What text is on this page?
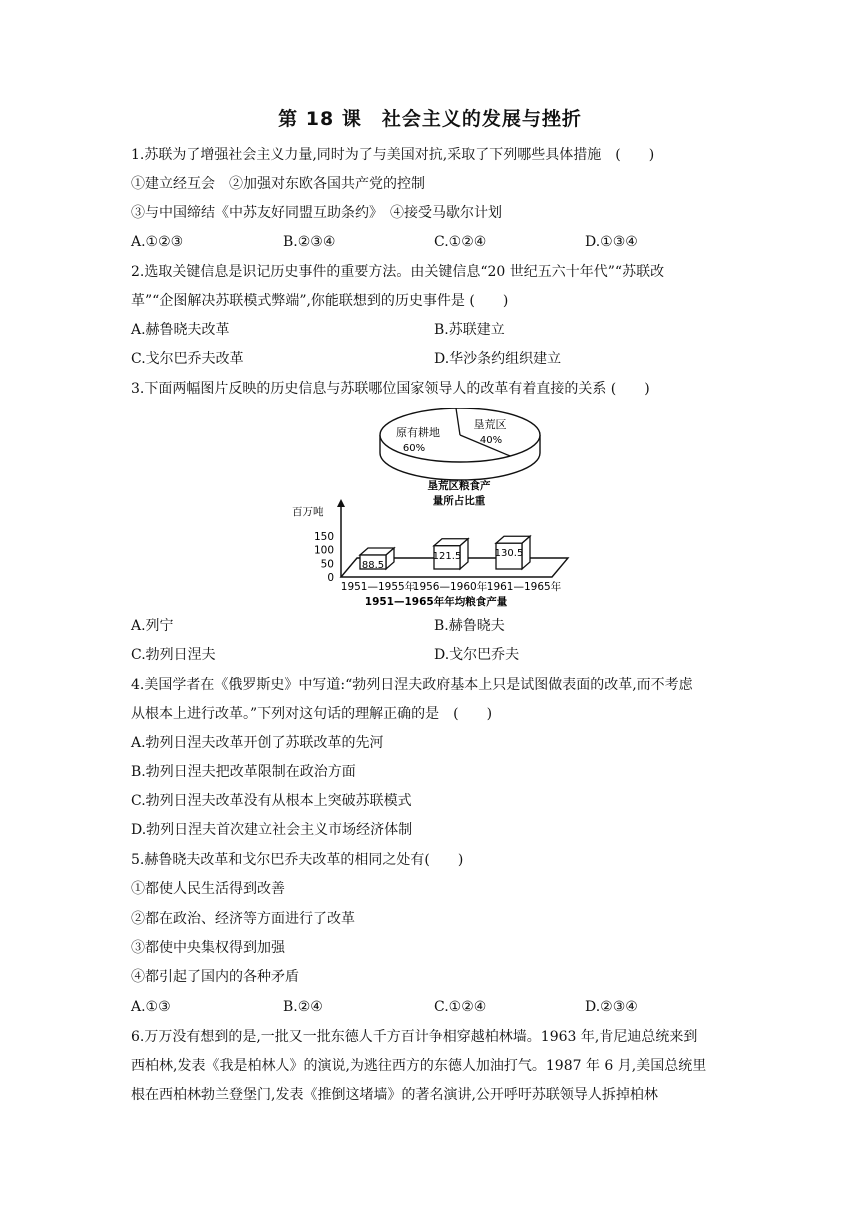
第 18 课　社会主义的发展与挫折
1.苏联为了增强社会主义力量,同时为了与美国对抗,采取了下列哪些具体措施　(　　)
①建立经互会　②加强对东欧各国共产党的控制
③与中国缔结《中苏友好同盟互助条约》　④接受马歇尔计划
A.①②③	B.②③④	C.①②④	D.①③④
2.选取关键信息是识记历史事件的重要方法。由关键信息“20 世纪五六十年代”“苏联改
革”“企图解决苏联模式弊端”,你能联想到的历史事件是 (　　)
A.赫鲁晓夫改革	B.苏联建立
C.戈尔巴乔夫改革	D.华沙条约组织建立
3.下面两幅图片反映的历史信息与苏联哪位国家领导人的改革有着直接的关系 (　　)
原有耕地
60%
垦荒区
40%
垦荒区粮食产
量所占比重
百万吨
150
100
50
0
88.5
121.5	130.5
1951—1955年
1956—1960年 1961—1965年
1951—1965年年均粮食产量
A.列宁	B.赫鲁晓夫
C.勃列日涅夫	D.戈尔巴乔夫
4.美国学者在《俄罗斯史》中写道:“勃列日涅夫政府基本上只是试图做表面的改革,而不考虑
从根本上进行改革。”下列对这句话的理解正确的是　(　　)
A.勃列日涅夫改革开创了苏联改革的先河
B.勃列日涅夫把改革限制在政治方面
C.勃列日涅夫改革没有从根本上突破苏联模式
D.勃列日涅夫首次建立社会主义市场经济体制
5.赫鲁晓夫改革和戈尔巴乔夫改革的相同之处有(　　)
①都使人民生活得到改善
②都在政治、经济等方面进行了改革
③都使中央集权得到加强
④都引起了国内的各种矛盾
A.①③	B.②④	C.①②④	D.②③④
6.万万没有想到的是,一批又一批东德人千方百计争相穿越柏林墙。1963 年,肯尼迪总统来到
西柏林,发表《我是柏林人》的演说,为逃往西方的东德人加油打气。1987 年 6 月,美国总统里
根在西柏林勃兰登堡门,发表《推倒这堵墙》的著名演讲,公开呼吁苏联领导人拆掉柏林
